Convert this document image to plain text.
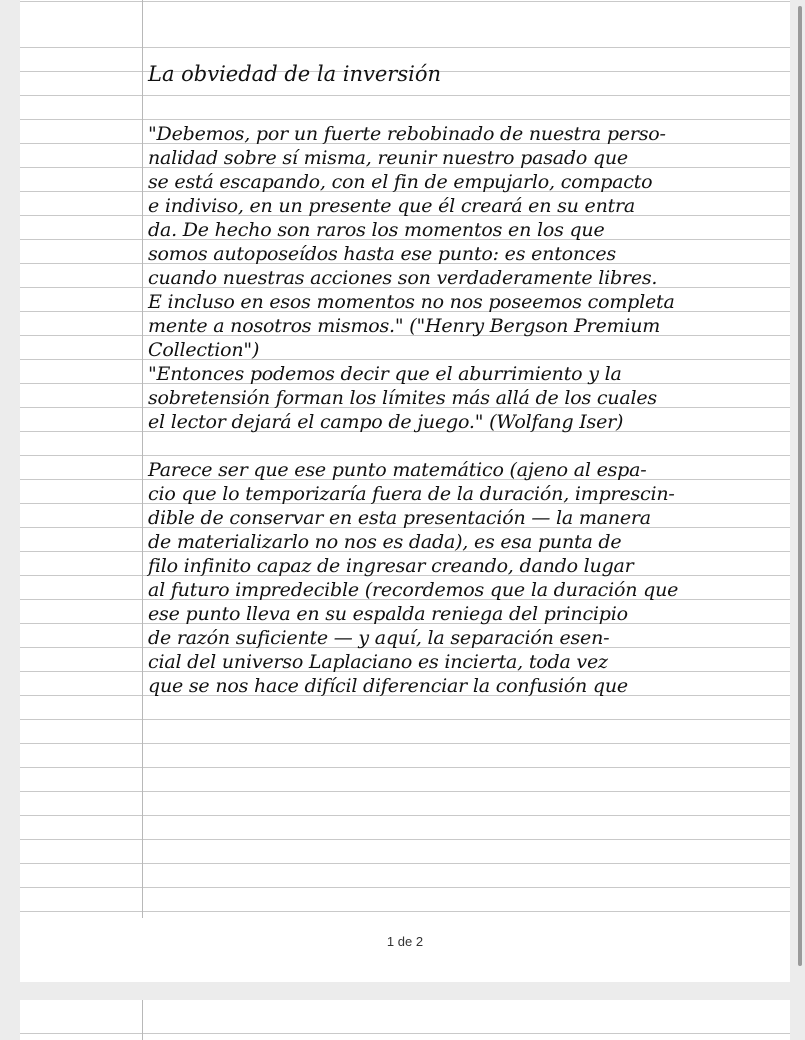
La obviedad de la inversión
"Debemos, por un fuerte rebobinado de nuestra perso-
nalidad sobre sí misma, reunir nuestro pasado que
se está escapando, con el fin de empujarlo, compacto
e indiviso, en un presente que él creará en su entra
da. De hecho son raros los momentos en los que
somos autoposeídos hasta ese punto: es entonces
cuando nuestras acciones son verdaderamente libres.
E incluso en esos momentos no nos poseemos completa
mente a nosotros mismos." ("Henry Bergson Premium
Collection")
"Entonces podemos decir que el aburrimiento y la
sobretensión forman los límites más allá de los cuales
el lector dejará el campo de juego." (Wolfang Iser)
Parece ser que ese punto matemático (ajeno al espa-
cio que lo temporizaría fuera de la duración, imprescin-
dible de conservar en esta presentación — la manera
de materializarlo no nos es dada), es esa punta de
filo infinito capaz de ingresar creando, dando lugar
al futuro impredecible (recordemos que la duración que
ese punto lleva en su espalda reniega del principio
de razón suficiente — y aquí, la separación esen-
cial del universo Laplaciano es incierta, toda vez
que se nos hace difícil diferenciar la confusión que
1 de 2
